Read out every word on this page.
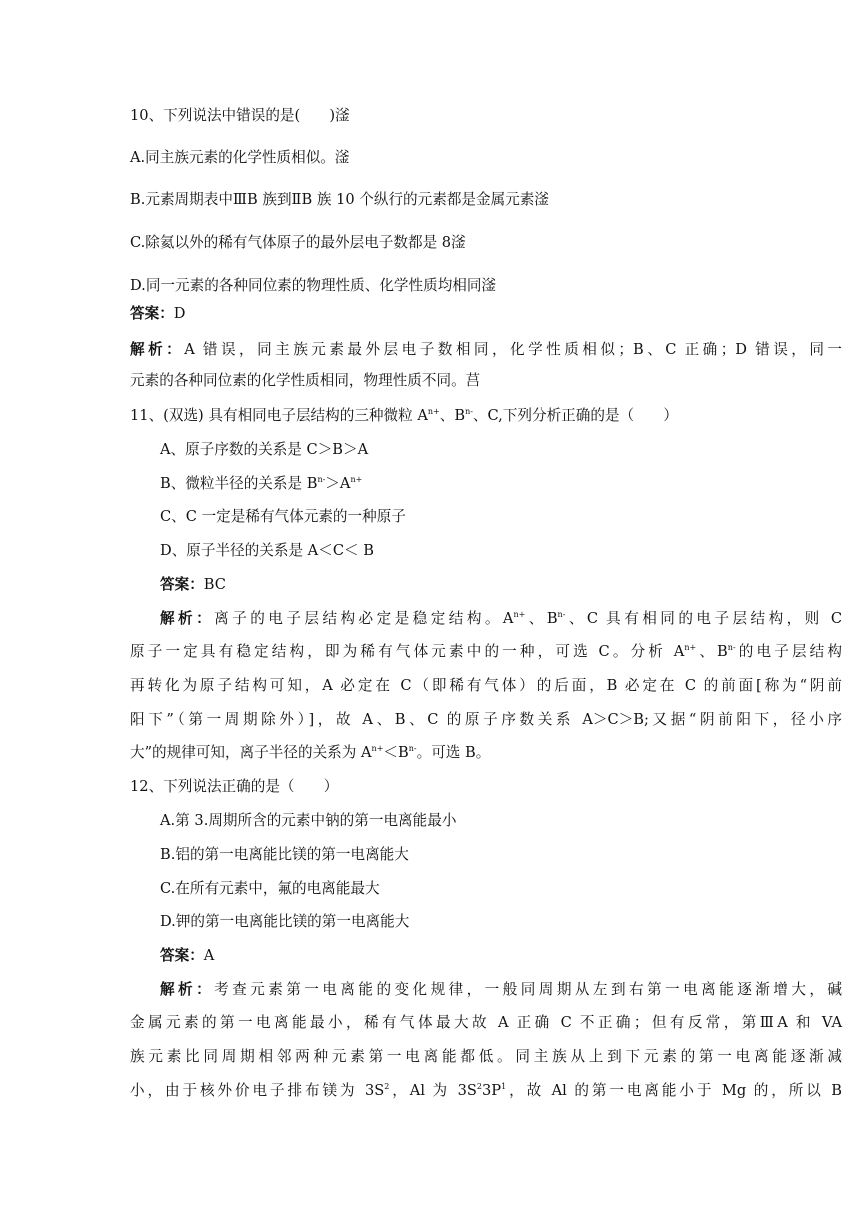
10、下列说法中错误的是(　　)滏
A.同主族元素的化学性质相似。滏
B.元素周期表中ⅢB 族到ⅡB 族 10 个纵行的元素都是金属元素滏
C.除氦以外的稀有气体原子的最外层电子数都是 8滏
D.同一元素的各种同位素的物理性质、化学性质均相同滏
答案：D
解析：A 错误，同主族元素最外层电子数相同，化学性质相似；B、C 正确；D 错误，同一
元素的各种同位素的化学性质相同，物理性质不同。莒
11、(双选) 具有相同电子层结构的三种微粒 $A^{n+}$、$B^{n-}$、C,下列分析正确的是（　　）
A、原子序数的关系是 C＞B＞A
B、微粒半径的关系是 $B^{n-}>A^{n+}$
C、C 一定是稀有气体元素的一种原子
D、原子半径的关系是 A＜C＜ B
答案：BC
解析：离子的电子层结构必定是稳定结构。$A^{n+}$、$B^{n-}$、C 具有相同的电子层结构，则 C
原子一定具有稳定结构，即为稀有气体元素中的一种，可选 C。分析 $A^{n+}$、$B^{n-}$的电子层结构
再转化为原子结构可知，A 必定在 C（即稀有气体）的后面，B 必定在 C 的前面[称为“阴前
阳下”（第一周期除外）]，故 A、B、C 的原子序数关系 A＞C＞B;又据“阴前阳下，径小序
大”的规律可知，离子半径的关系为 $A^{n+}<B^{n-}$。可选 B。
12、下列说法正确的是（　　）
A.第 3.周期所含的元素中钠的第一电离能最小
B.铝的第一电离能比镁的第一电离能大
C.在所有元素中，氟的电离能最大
D.钾的第一电离能比镁的第一电离能大
答案：A
解析：考查元素第一电离能的变化规律，一般同周期从左到右第一电离能逐渐增大，碱
金属元素的第一电离能最小，稀有气体最大故 A 正确 C 不正确；但有反常，第ⅢA 和 VA
族元素比同周期相邻两种元素第一电离能都低。同主族从上到下元素的第一电离能逐渐减
小，由于核外价电子排布镁为 $3S^2$，Al 为 $3S^23P^1$，故 Al 的第一电离能小于 Mg 的，所以 B
